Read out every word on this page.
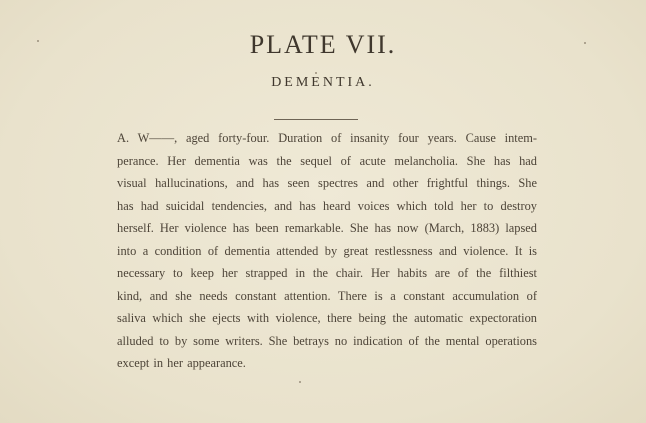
PLATE VII.
DEMENTIA.
A. W——, aged forty-four. Duration of insanity four years. Cause intem-
perance. Her dementia was the sequel of acute melancholia. She has had
visual hallucinations, and has seen spectres and other frightful things. She
has had suicidal tendencies, and has heard voices which told her to destroy
herself. Her violence has been remarkable. She has now (March, 1883) lapsed
into a condition of dementia attended by great restlessness and violence. It is
necessary to keep her strapped in the chair. Her habits are of the filthiest
kind, and she needs constant attention. There is a constant accumulation of
saliva which she ejects with violence, there being the automatic expectoration
alluded to by some writers. She betrays no indication of the mental operations
except in her appearance.
